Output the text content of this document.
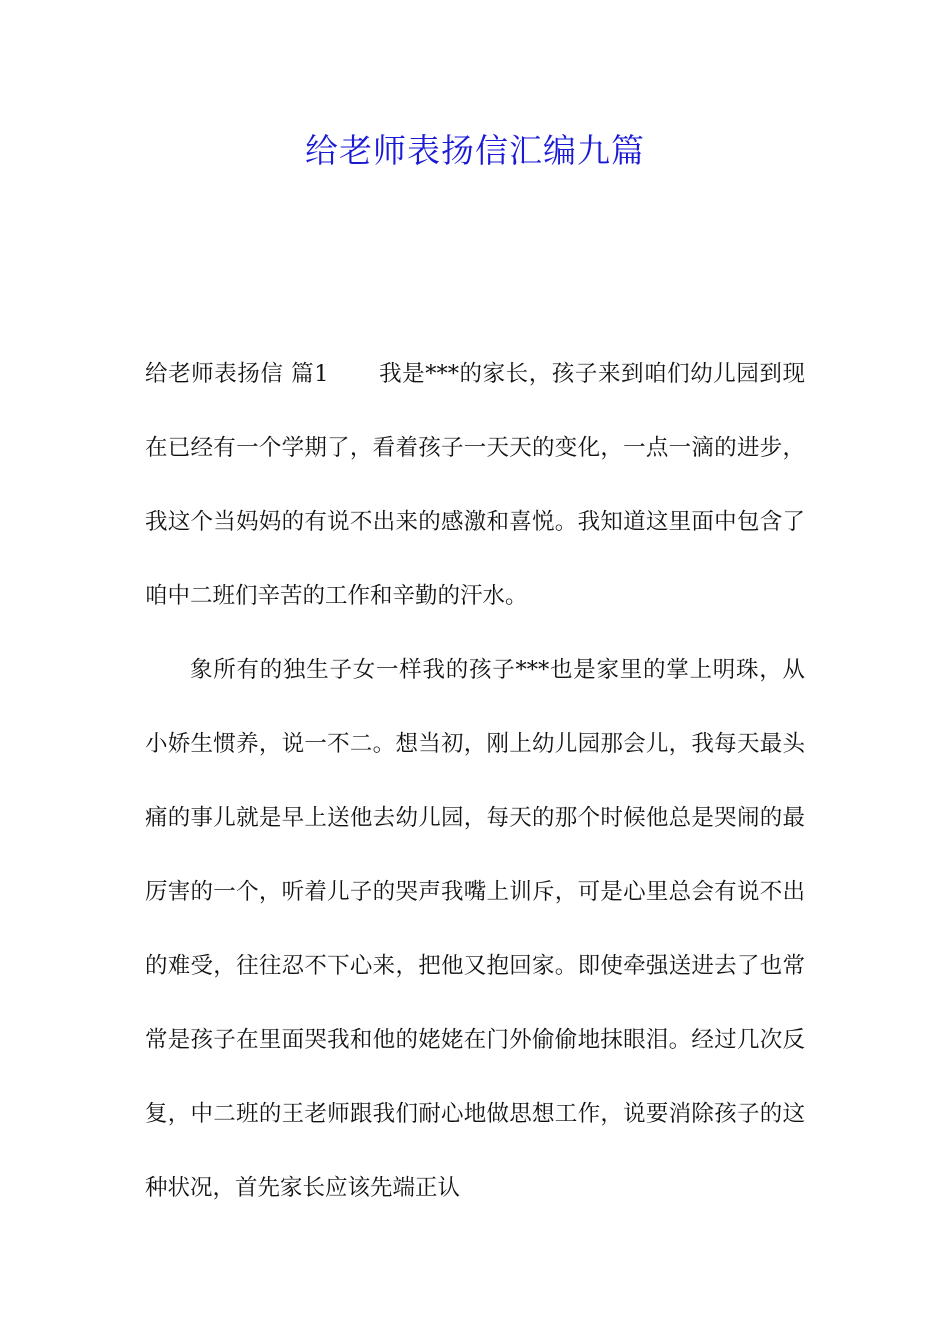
给老师表扬信汇编九篇

给老师表扬信 篇1 我是***的家长，孩子来到咱们幼儿园到现在已经有一个学期了，看着孩子一天天的变化，一点一滴的进步，我这个当妈妈的有说不出来的感激和喜悦。我知道这里面中包含了咱中二班们辛苦的工作和辛勤的汗水。

象所有的独生子女一样我的孩子***也是家里的掌上明珠，从小娇生惯养，说一不二。想当初，刚上幼儿园那会儿，我每天最头痛的事儿就是早上送他去幼儿园，每天的那个时候他总是哭闹的最厉害的一个，听着儿子的哭声我嘴上训斥，可是心里总会有说不出的难受，往往忍不下心来，把他又抱回家。即使牵强送进去了也常常是孩子在里面哭我和他的姥姥在门外偷偷地抹眼泪。经过几次反复，中二班的王老师跟我们耐心地做思想工作，说要消除孩子的这种状况，首先家长应该先端正认
